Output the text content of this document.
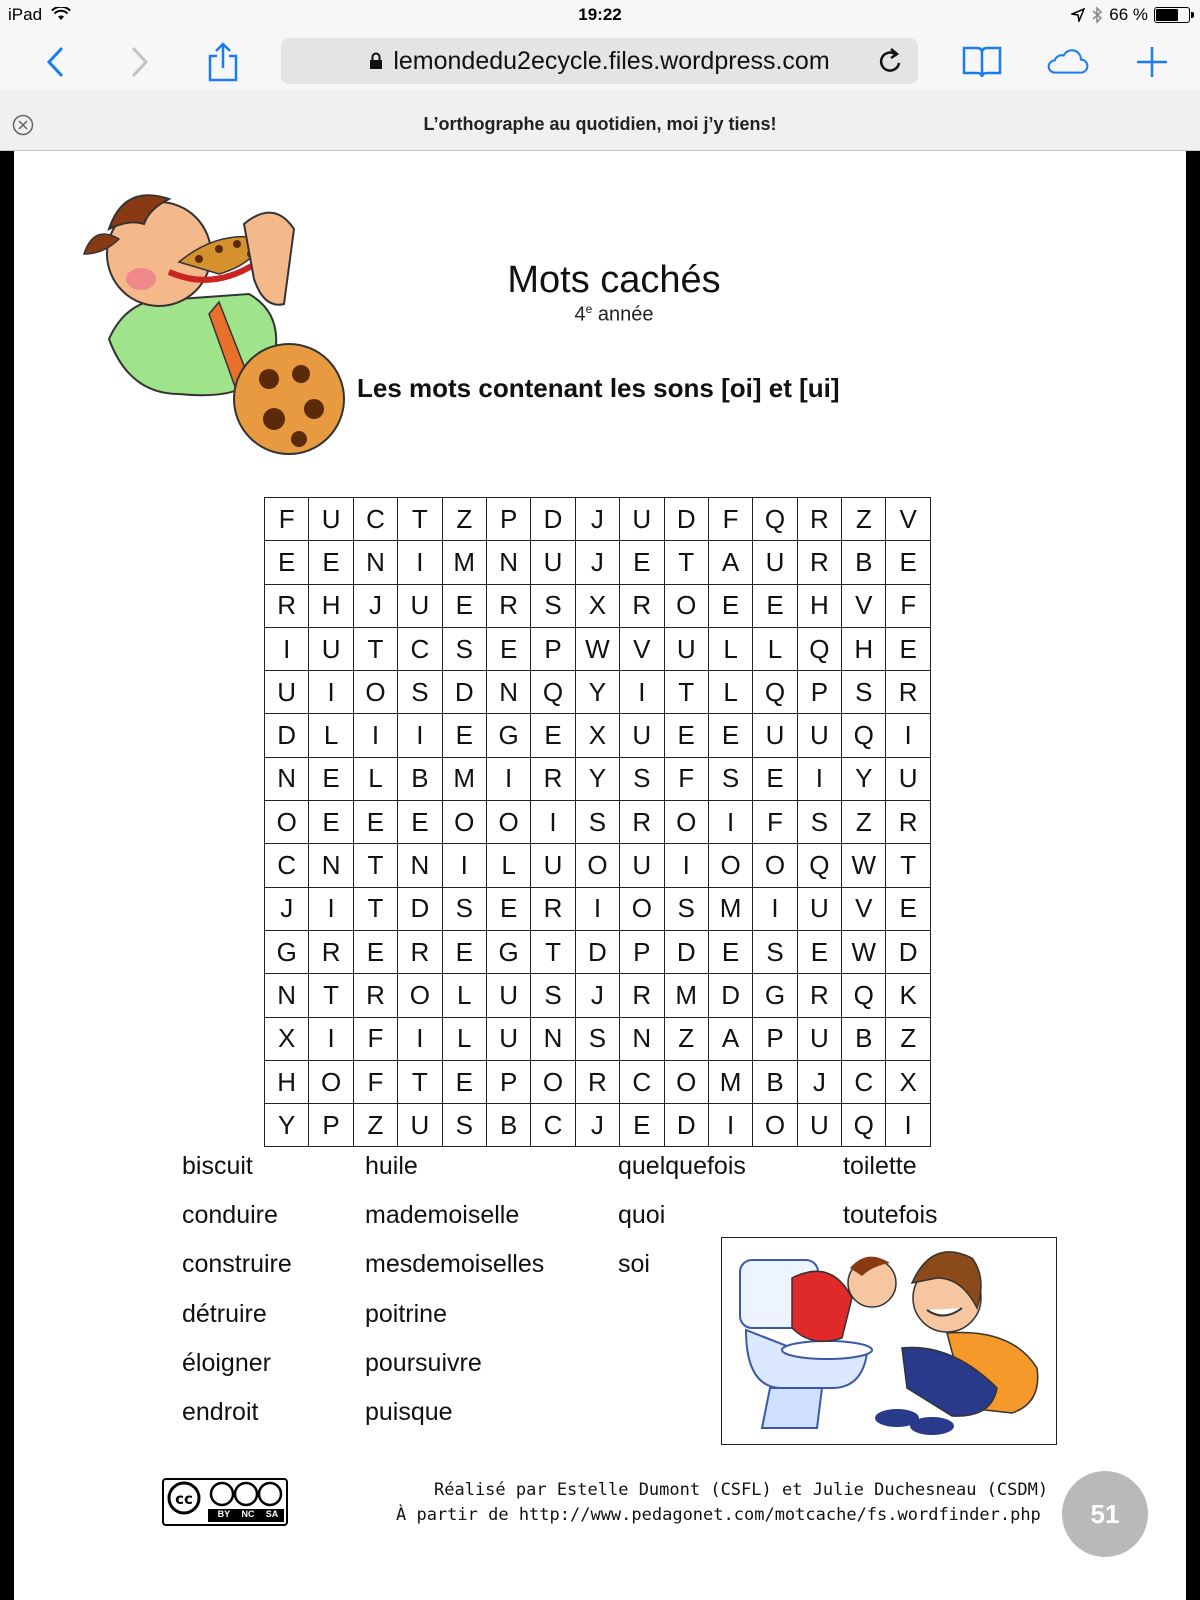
iPad	19:22	66 %
lemondedu2ecycle.files.wordpress.com
L’orthographe au quotidien, moi j’y tiens!
Mots cachés
4e année
Les mots contenant les sons [oi] et [ui]
F	U	C	T	Z	P	D	J	U	D	F	Q	R	Z	V
E	E	N	I	M	N	U	J	E	T	A	U	R	B	E
R	H	J	U	E	R	S	X	R	O	E	E	H	V	F
I	U	T	C	S	E	P	W	V	U	L	L	Q	H	E
U	I	O	S	D	N	Q	Y	I	T	L	Q	P	S	R
D	L	I	I	E	G	E	X	U	E	E	U	U	Q	I
N	E	L	B	M	I	R	Y	S	F	S	E	I	Y	U
O	E	E	E	O	O	I	S	R	O	I	F	S	Z	R
C	N	T	N	I	L	U	O	U	I	O	O	Q	W	T
J	I	T	D	S	E	R	I	O	S	M	I	U	V	E
G	R	E	R	E	G	T	D	P	D	E	S	E	W	D
N	T	R	O	L	U	S	J	R	M	D	G	R	Q	K
X	I	F	I	L	U	N	S	N	Z	A	P	U	B	Z
H	O	F	T	E	P	O	R	C	O	M	B	J	C	X
Y	P	Z	U	S	B	C	J	E	D	I	O	U	Q	I
biscuit
conduire
construire
détruire
éloigner
endroit
huile
mademoiselle
mesdemoiselles
poitrine
poursuivre
puisque
quelquefois
quoi
soi
toilette
toutefois
cc
BY NC SA
Réalisé par Estelle Dumont (CSFL) et Julie Duchesneau (CSDM)
À partir de http://www.pedagonet.com/motcache/fs.wordfinder.php	51
